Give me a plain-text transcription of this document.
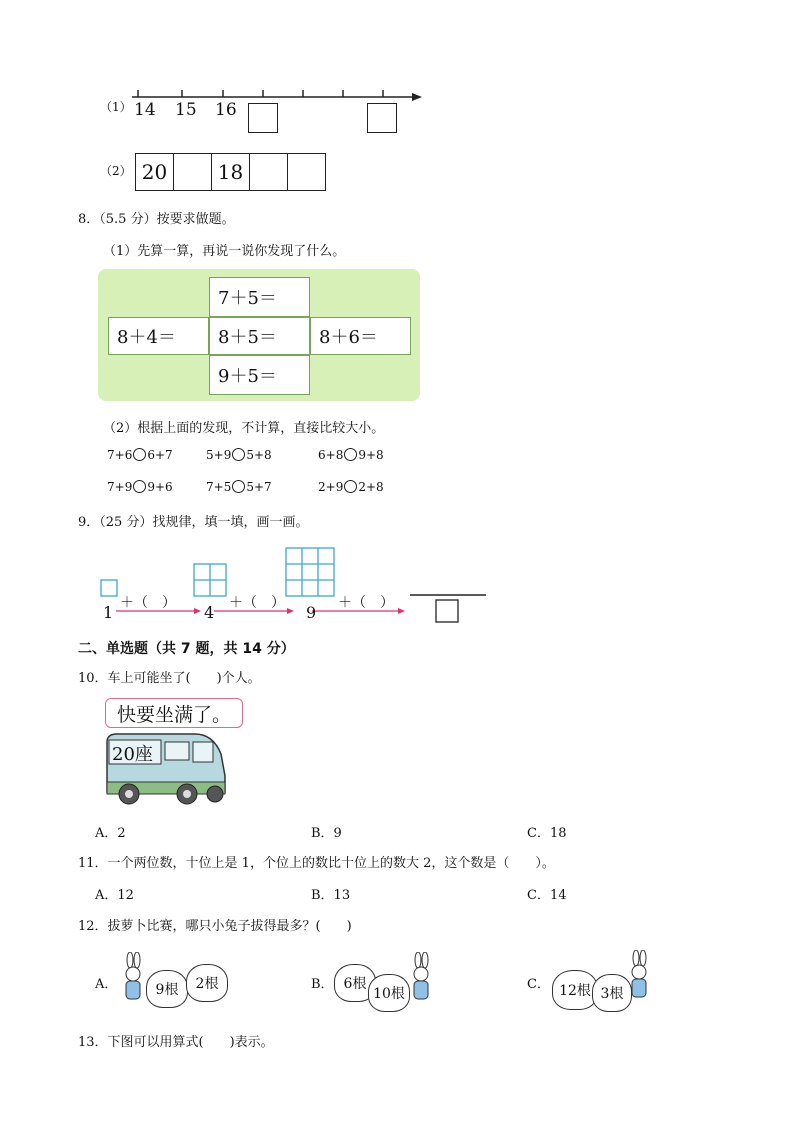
（1） 14 15 16
（2） 20	18
8．（5.5 分）按要求做题。
（1）先算一算，再说一说你发现了什么。
7＋5＝
8＋4＝	8＋5＝	8＋6＝
9＋5＝
（2）根据上面的发现，不计算，直接比较大小。
7+6 6+7	5+9 5+8	6+8 9+8
7+9 9+6	7+5 5+7	2+9 2+8
9．（25 分）找规律，填一填，画一画。
1	4	9
＋（　）	＋（　）	＋（　）
二、单选题（共 7 题，共 14 分）
10．车上可能坐了(　　)个人。
快要坐满了。
20座
A．2	B．9	C．18
11．一个两位数，十位上是 1，个位上的数比十位上的数大 2，这个数是（　　）。
A．12	B．13	C．14
12．拔萝卜比赛，哪只小兔子拔得最多？(　　)
A．	9根	2根	B． 6根
10根
C． 12根 3根
13．下图可以用算式(　　)表示。
